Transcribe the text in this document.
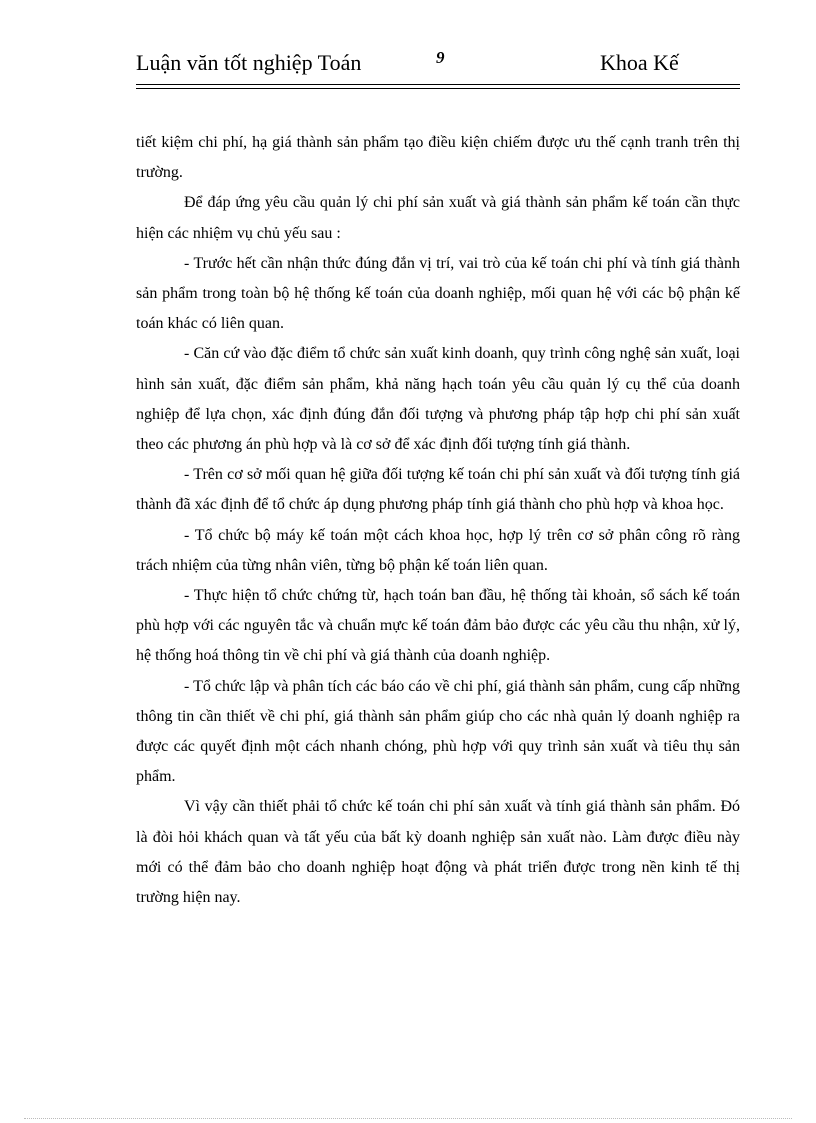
Luận văn tốt nghiệp Toán	9	Khoa Kế

tiết kiệm chi phí, hạ giá thành sản phẩm tạo điều kiện chiếm được ưu thế cạnh tranh trên thị trường.

Để đáp ứng yêu cầu quản lý chi phí sản xuất và giá thành sản phẩm kế toán cần thực hiện các nhiệm vụ chủ yếu sau :

- Trước hết cần nhận thức đúng đắn vị trí, vai trò của kế toán chi phí và tính giá thành sản phẩm trong toàn bộ hệ thống kế toán của doanh nghiệp, mối quan hệ với các bộ phận kế toán khác có liên quan.

- Căn cứ vào đặc điểm tổ chức sản xuất kinh doanh, quy trình công nghệ sản xuất, loại hình sản xuất, đặc điểm sản phẩm, khả năng hạch toán yêu cầu quản lý cụ thể của doanh nghiệp để lựa chọn, xác định đúng đắn đối tượng và phương pháp tập hợp chi phí sản xuất theo các phương án phù hợp và là cơ sở để xác định đối tượng tính giá thành.

- Trên cơ sở mối quan hệ giữa đối tượng kế toán chi phí sản xuất và đối tượng tính giá thành đã xác định để tổ chức áp dụng phương pháp tính giá thành cho phù hợp và khoa học.

- Tổ chức bộ máy kế toán một cách khoa học, hợp lý trên cơ sở phân công rõ ràng trách nhiệm của từng nhân viên, từng bộ phận kế toán liên quan.

- Thực hiện tổ chức chứng từ, hạch toán ban đầu, hệ thống tài khoản, sổ sách kế toán phù hợp với các nguyên tắc và chuẩn mực kế toán đảm bảo được các yêu cầu thu nhận, xử lý, hệ thống hoá thông tin về chi phí và giá thành của doanh nghiệp.

- Tổ chức lập và phân tích các báo cáo về chi phí, giá thành sản phẩm, cung cấp những thông tin cần thiết về chi phí, giá thành sản phẩm giúp cho các nhà quản lý doanh nghiệp ra được các quyết định một cách nhanh chóng, phù hợp với quy trình sản xuất và tiêu thụ sản phẩm.

Vì vậy cần thiết phải tổ chức kế toán chi phí sản xuất và tính giá thành sản phẩm. Đó là đòi hỏi khách quan và tất yếu của bất kỳ doanh nghiệp sản xuất nào. Làm được điều này mới có thể đảm bảo cho doanh nghiệp hoạt động và phát triển được trong nền kinh tế thị trường hiện nay.
